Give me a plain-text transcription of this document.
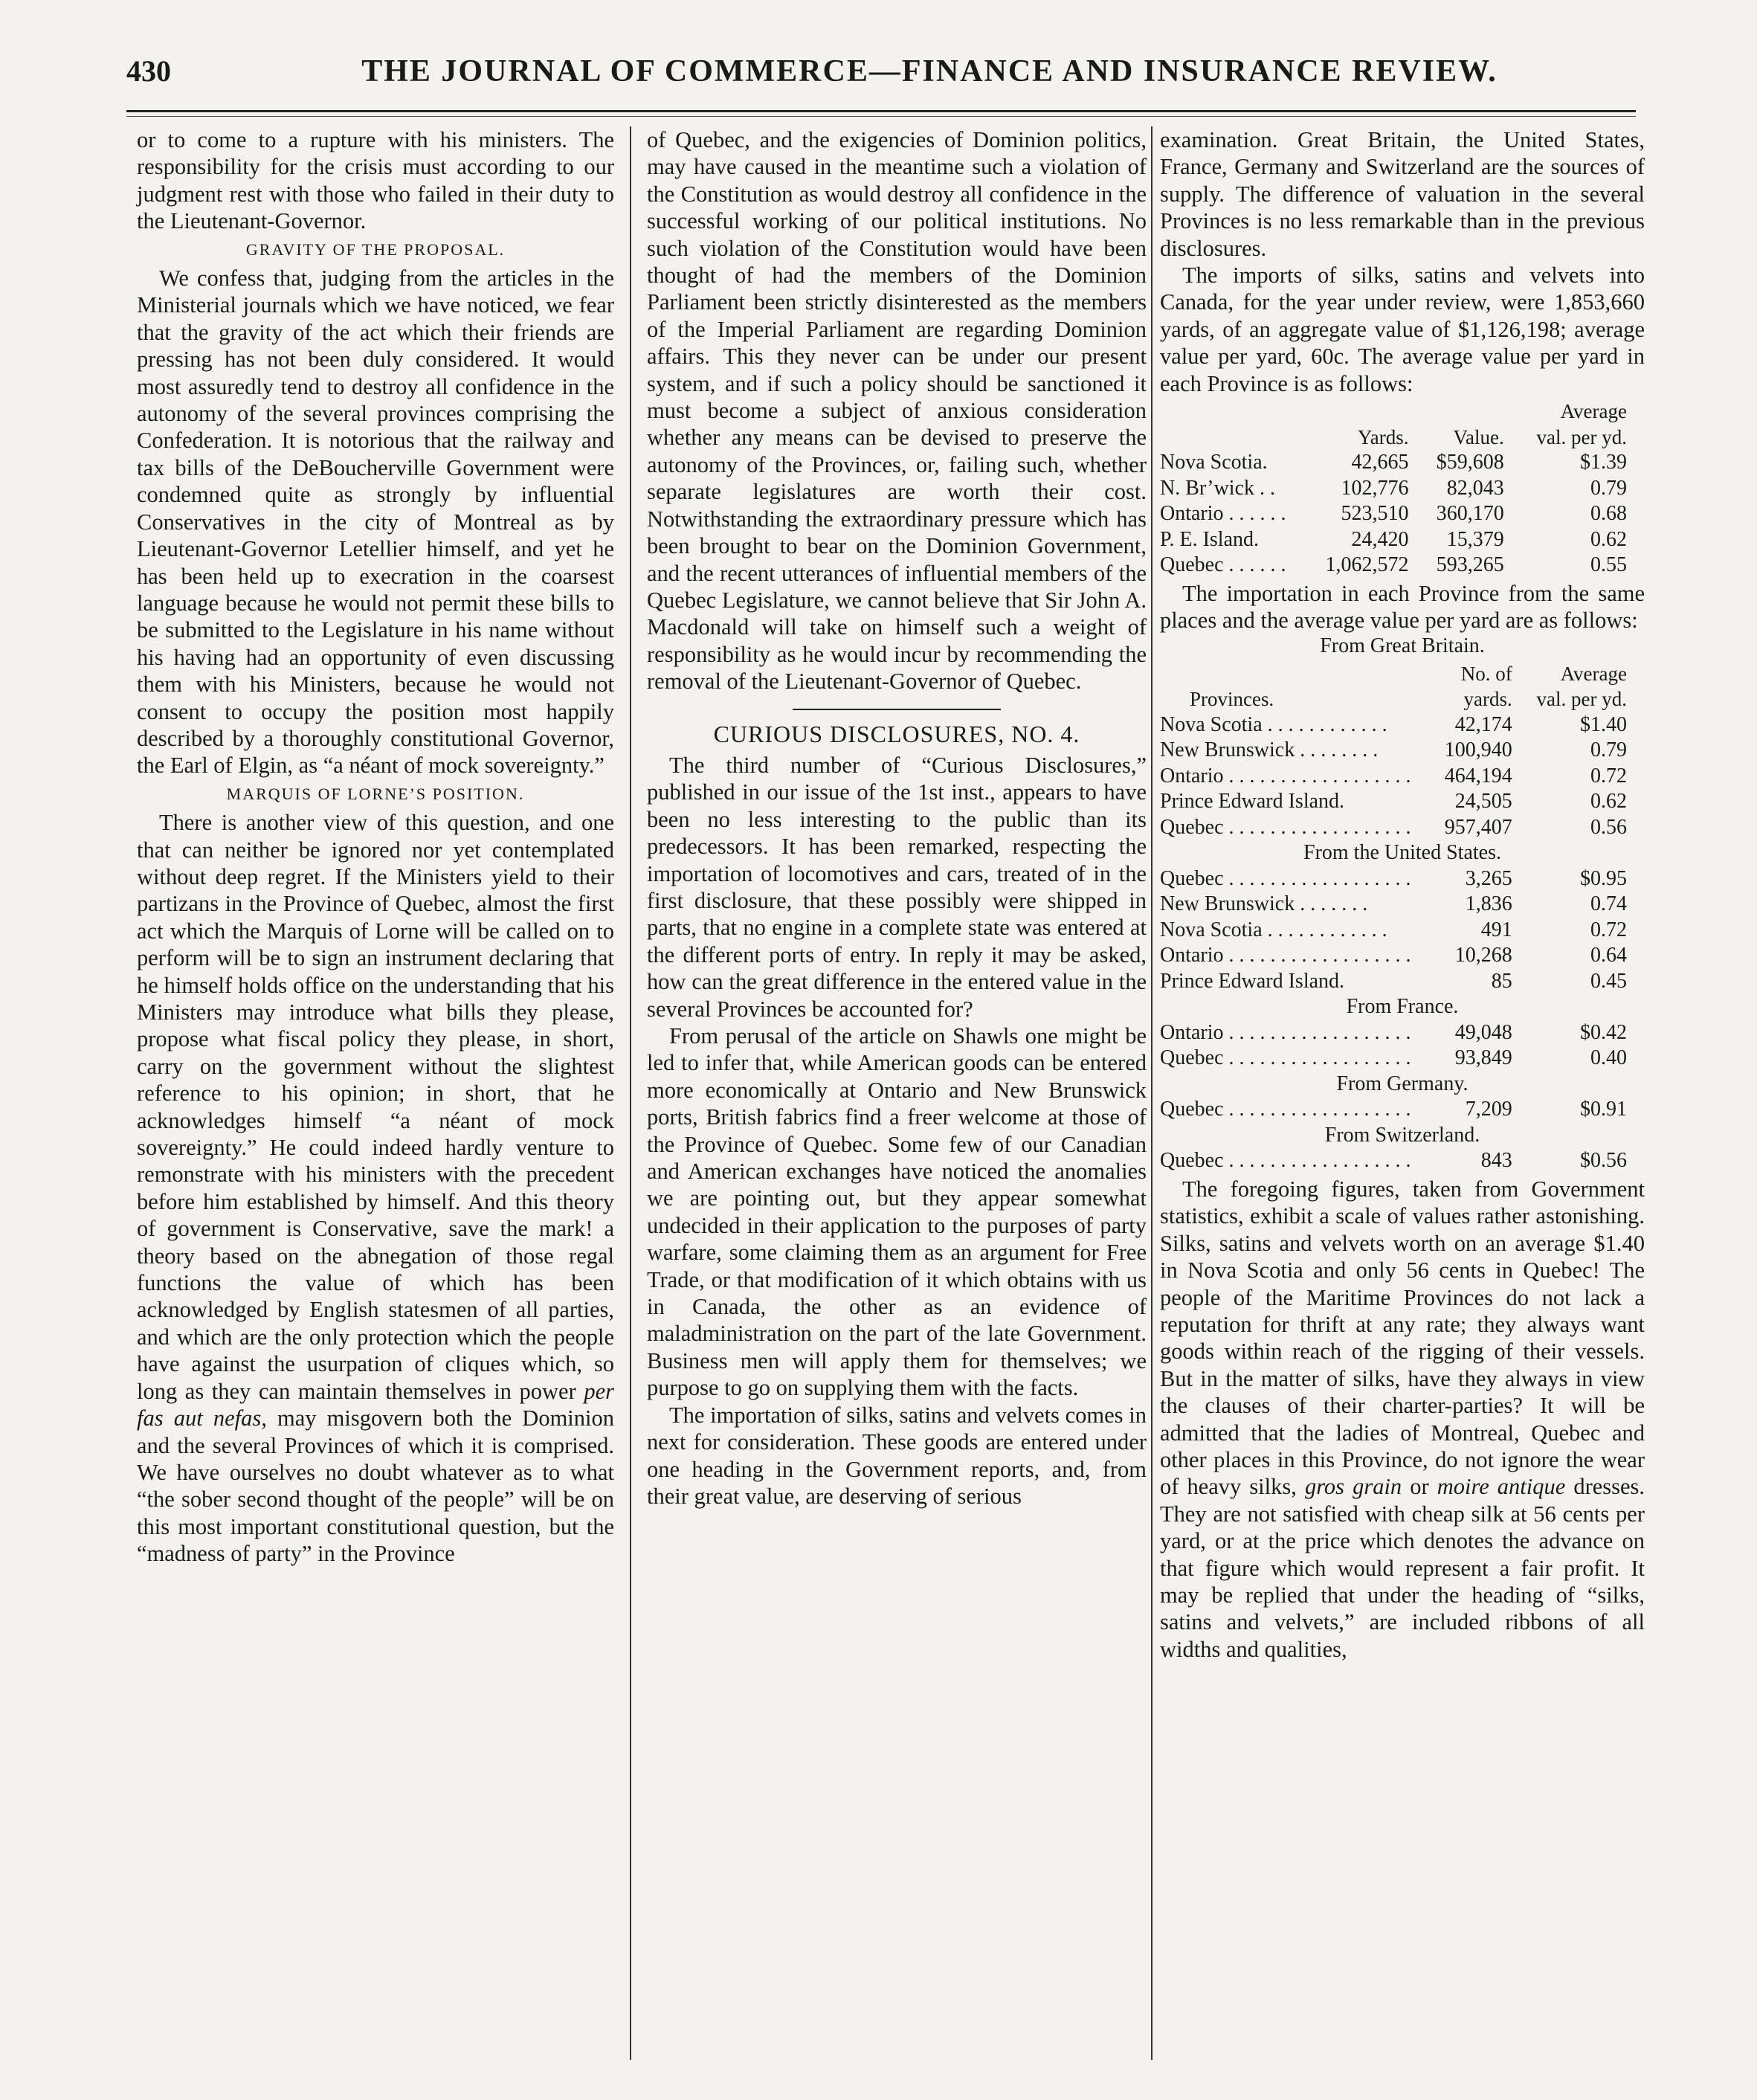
430	THE JOURNAL OF COMMERCE—FINANCE AND INSURANCE REVIEW.

or to come to a rupture with his ministers. The responsibility for the crisis must according to our judgment rest with those who failed in their duty to the Lieutenant-Governor.

GRAVITY OF THE PROPOSAL.

We confess that, judging from the articles in the Ministerial journals which we have noticed, we fear that the gravity of the act which their friends are pressing has not been duly considered. It would most assuredly tend to destroy all confidence in the autonomy of the several provinces comprising the Confederation. It is notorious that the railway and tax bills of the DeBoucherville Government were condemned quite as strongly by influential Conservatives in the city of Montreal as by Lieutenant-Governor Letellier himself, and yet he has been held up to execration in the coarsest language because he would not permit these bills to be submitted to the Legislature in his name without his having had an opportunity of even discussing them with his Ministers, because he would not consent to occupy the position most happily described by a thoroughly constitutional Governor, the Earl of Elgin, as “a néant of mock sovereignty.”

MARQUIS OF LORNE’S POSITION.

There is another view of this question, and one that can neither be ignored nor yet contemplated without deep regret. If the Ministers yield to their partizans in the Province of Quebec, almost the first act which the Marquis of Lorne will be called on to perform will be to sign an instrument declaring that he himself holds office on the understanding that his Ministers may introduce what bills they please, propose what fiscal policy they please, in short, carry on the government without the slightest reference to his opinion; in short, that he acknowledges himself “a néant of mock sovereignty.” He could indeed hardly venture to remonstrate with his ministers with the precedent before him established by himself. And this theory of government is Conservative, save the mark! a theory based on the abnegation of those regal functions the value of which has been acknowledged by English statesmen of all parties, and which are the only protection which the people have against the usurpation of cliques which, so long as they can maintain themselves in power per fas aut nefas, may misgovern both the Dominion and the several Provinces of which it is comprised. We have ourselves no doubt whatever as to what “the sober second thought of the people” will be on this most important constitutional question, but the “madness of party” in the Province

of Quebec, and the exigencies of Dominion politics, may have caused in the meantime such a violation of the Constitution as would destroy all confidence in the successful working of our political institutions. No such violation of the Constitution would have been thought of had the members of the Dominion Parliament been strictly disinterested as the members of the Imperial Parliament are regarding Dominion affairs. This they never can be under our present system, and if such a policy should be sanctioned it must become a subject of anxious consideration whether any means can be devised to preserve the autonomy of the Provinces, or, failing such, whether separate legislatures are worth their cost. Notwithstanding the extraordinary pressure which has been brought to bear on the Dominion Government, and the recent utterances of influential members of the Quebec Legislature, we cannot believe that Sir John A. Macdonald will take on himself such a weight of responsibility as he would incur by recommending the removal of the Lieutenant-Governor of Quebec.

CURIOUS DISCLOSURES, NO. 4.

The third number of “Curious Disclosures,” published in our issue of the 1st inst., appears to have been no less interesting to the public than its predecessors. It has been remarked, respecting the importation of locomotives and cars, treated of in the first disclosure, that these possibly were shipped in parts, that no engine in a complete state was entered at the different ports of entry. In reply it may be asked, how can the great difference in the entered value in the several Provinces be accounted for?

From perusal of the article on Shawls one might be led to infer that, while American goods can be entered more economically at Ontario and New Brunswick ports, British fabrics find a freer welcome at those of the Province of Quebec. Some few of our Canadian and American exchanges have noticed the anomalies we are pointing out, but they appear somewhat undecided in their application to the purposes of party warfare, some claiming them as an argument for Free Trade, or that modification of it which obtains with us in Canada, the other as an evidence of maladministration on the part of the late Government. Business men will apply them for themselves; we purpose to go on supplying them with the facts.

The importation of silks, satins and velvets comes in next for consideration. These goods are entered under one heading in the Government reports, and, from their great value, are deserving of serious

examination. Great Britain, the United States, France, Germany and Switzerland are the sources of supply. The difference of valuation in the several Provinces is no less remarkable than in the previous disclosures.

The imports of silks, satins and velvets into Canada, for the year under review, were 1,853,660 yards, of an aggregate value of $1,126,198; average value per yard, 60c. The average value per yard in each Province is as follows:

			Average
	Yards.	Value.	val. per yd.
Nova Scotia.	42,665	$59,608	$1.39
N. Br’wick . .	102,776	82,043	0.79
Ontario . . . . . .	523,510	360,170	0.68
P. E. Island.	24,420	15,379	0.62
Quebec . . . . . .	1,062,572	593,265	0.55

The importation in each Province from the same places and the average value per yard are as follows:

From Great Britain.
	No. of	Average
Provinces.	yards.	val. per yd.
Nova Scotia . . . . . . . . . . . .	42,174	$1.40
New Brunswick . . . . . . . .	100,940	0.79
Ontario . . . . . . . . . . . . . . . . . .	464,194	0.72
Prince Edward Island.	24,505	0.62
Quebec . . . . . . . . . . . . . . . . . .	957,407	0.56
From the United States.		
Quebec . . . . . . . . . . . . . . . . . .	3,265	$0.95
New Brunswick . . . . . . .	1,836	0.74
Nova Scotia . . . . . . . . . . . .	491	0.72
Ontario . . . . . . . . . . . . . . . . . .	10,268	0.64
Prince Edward Island.	85	0.45
From France.		
Ontario . . . . . . . . . . . . . . . . . .	49,048	$0.42
Quebec . . . . . . . . . . . . . . . . . .	93,849	0.40
From Germany.		
Quebec . . . . . . . . . . . . . . . . . .	7,209	$0.91
From Switzerland.		
Quebec . . . . . . . . . . . . . . . . . .	843	$0.56

The foregoing figures, taken from Government statistics, exhibit a scale of values rather astonishing. Silks, satins and velvets worth on an average $1.40 in Nova Scotia and only 56 cents in Quebec! The people of the Maritime Provinces do not lack a reputation for thrift at any rate; they always want goods within reach of the rigging of their vessels. But in the matter of silks, have they always in view the clauses of their charter-parties? It will be admitted that the ladies of Montreal, Quebec and other places in this Province, do not ignore the wear of heavy silks, gros grain or moire antique dresses. They are not satisfied with cheap silk at 56 cents per yard, or at the price which denotes the advance on that figure which would represent a fair profit. It may be replied that under the heading of “silks, satins and velvets,” are included ribbons of all widths and qualities,
